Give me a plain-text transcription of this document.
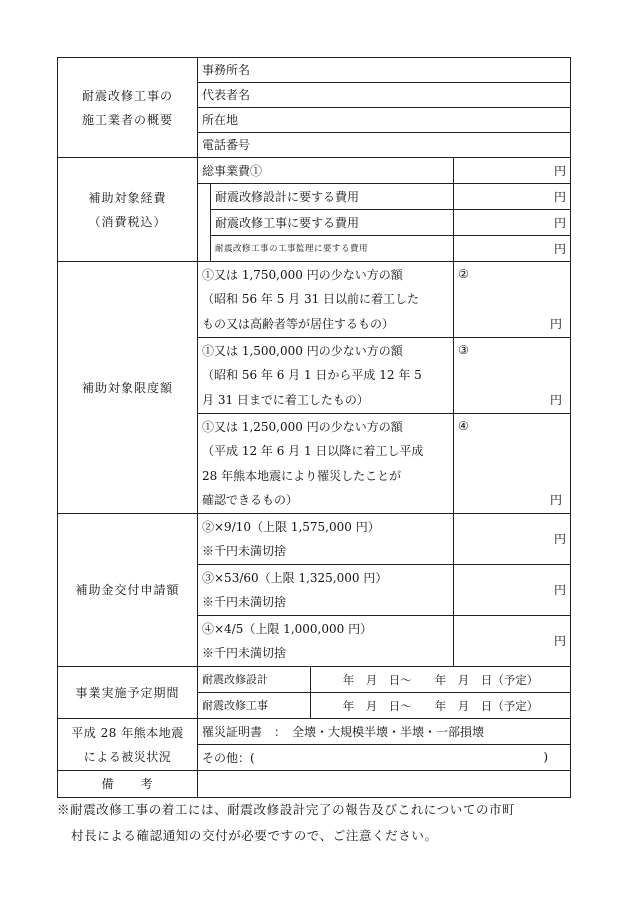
耐震改修工事の
施工業者の概要	事務所名			
	代表者名			
	所在地			
	電話番号			

補助対象経費
（消費税込）	総事業費①			円
		耐震改修設計に要する費用		円
		耐震改修工事に要する費用		円
		耐震改修工事の工事監理に要する費用		円
補助対象限度額	①又は 1,750,000 円の少ない方の額
（昭和 56 年 5 月 31 日以前に着工した
もの又は高齢者等が居住するもの）			②
円

	①又は 1,500,000 円の少ない方の額
（昭和 56 年 6 月 1 日から平成 12 年 5
月 31 日までに着工したもの）			③
円

	①又は 1,250,000 円の少ない方の額
（平成 12 年 6 月 1 日以降に着工し平成
28 年熊本地震により罹災したことが
確認できるもの）			④
円

補助金交付申請額	②×9/10（上限 1,575,000 円）
※千円未満切捨			円

	③×53/60（上限 1,325,000 円）
※千円未満切捨			円

	④×4/5（上限 1,000,000 円）
※千円未満切捨			円
事業実施予定期間	耐震改修設計		年　月　日～　　年　月　日（予定）	
	耐震改修工事		年　月　日～　　年　月　日（予定）	

平成 28 年熊本地震
による被災状況	罹災証明書　：　全壊・大規模半壊・半壊・一部損壊			
	その他：( )			

備　　考				
※耐震改修工事の着工には、耐震改修設計完了の報告及びこれについての市町
村長による確認通知の交付が必要ですので、ご注意ください。
